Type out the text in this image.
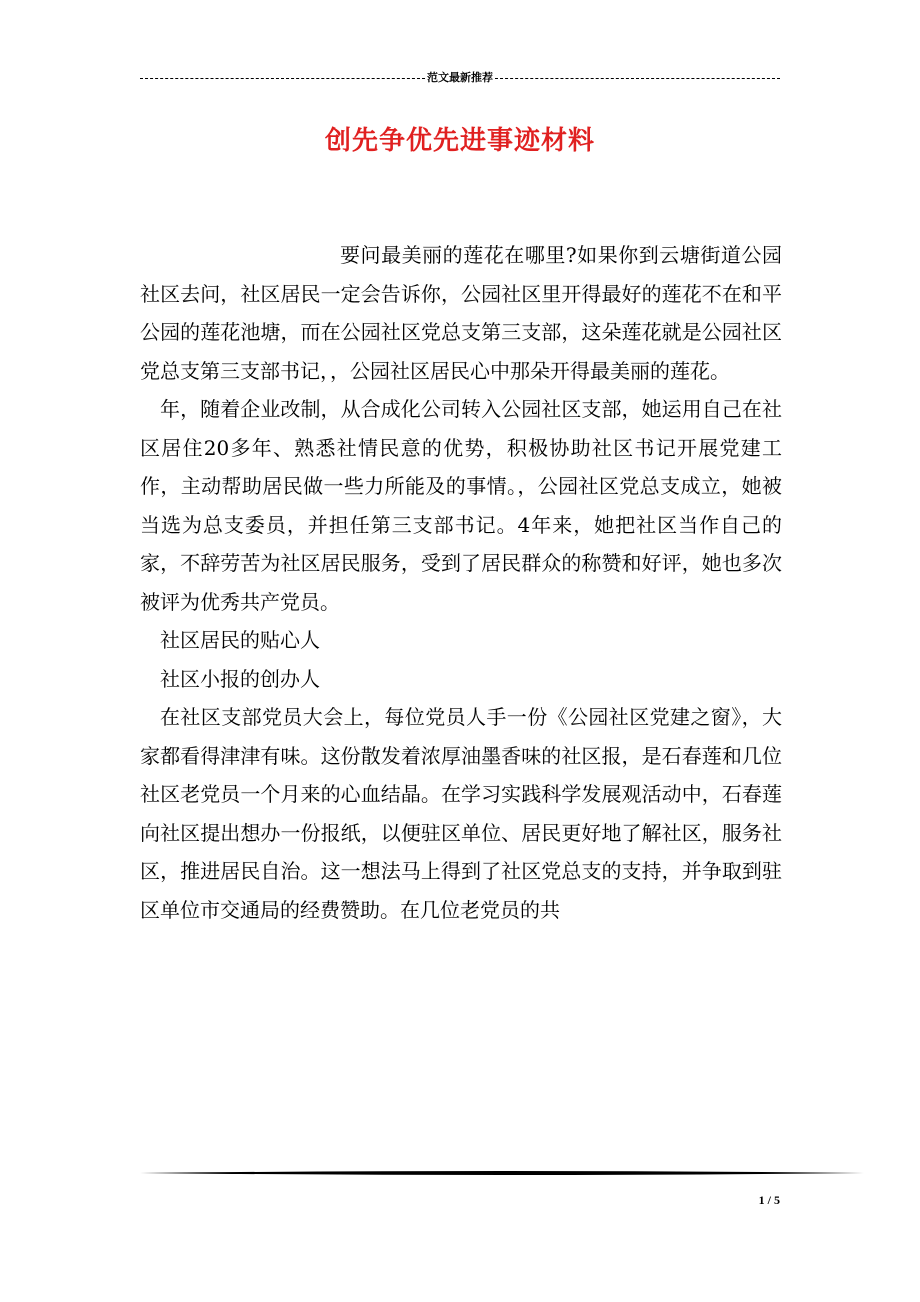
范文最新推荐
创先争优先进事迹材料

要问最美丽的莲花在哪里?如果你到云塘街道公园社区去问，社区居民一定会告诉你，公园社区里开得最好的莲花不在和平公园的莲花池塘，而在公园社区党总支第三支部，这朵莲花就是公园社区党总支第三支部书记，，公园社区居民心中那朵开得最美丽的莲花。

年，随着企业改制，从合成化公司转入公园社区支部，她运用自己在社区居住20多年、熟悉社情民意的优势，积极协助社区书记开展党建工作，主动帮助居民做一些力所能及的事情。，公园社区党总支成立，她被当选为总支委员，并担任第三支部书记。4年来，她把社区当作自己的家，不辞劳苦为社区居民服务，受到了居民群众的称赞和好评，她也多次被评为优秀共产党员。

社区居民的贴心人

社区小报的创办人

在社区支部党员大会上，每位党员人手一份《公园社区党建之窗》，大家都看得津津有味。这份散发着浓厚油墨香味的社区报，是石春莲和几位社区老党员一个月来的心血结晶。在学习实践科学发展观活动中，石春莲向社区提出想办一份报纸，以便驻区单位、居民更好地了解社区，服务社区，推进居民自治。这一想法马上得到了社区党总支的支持，并争取到驻区单位市交通局的经费赞助。在几位老党员的共

1 / 5
